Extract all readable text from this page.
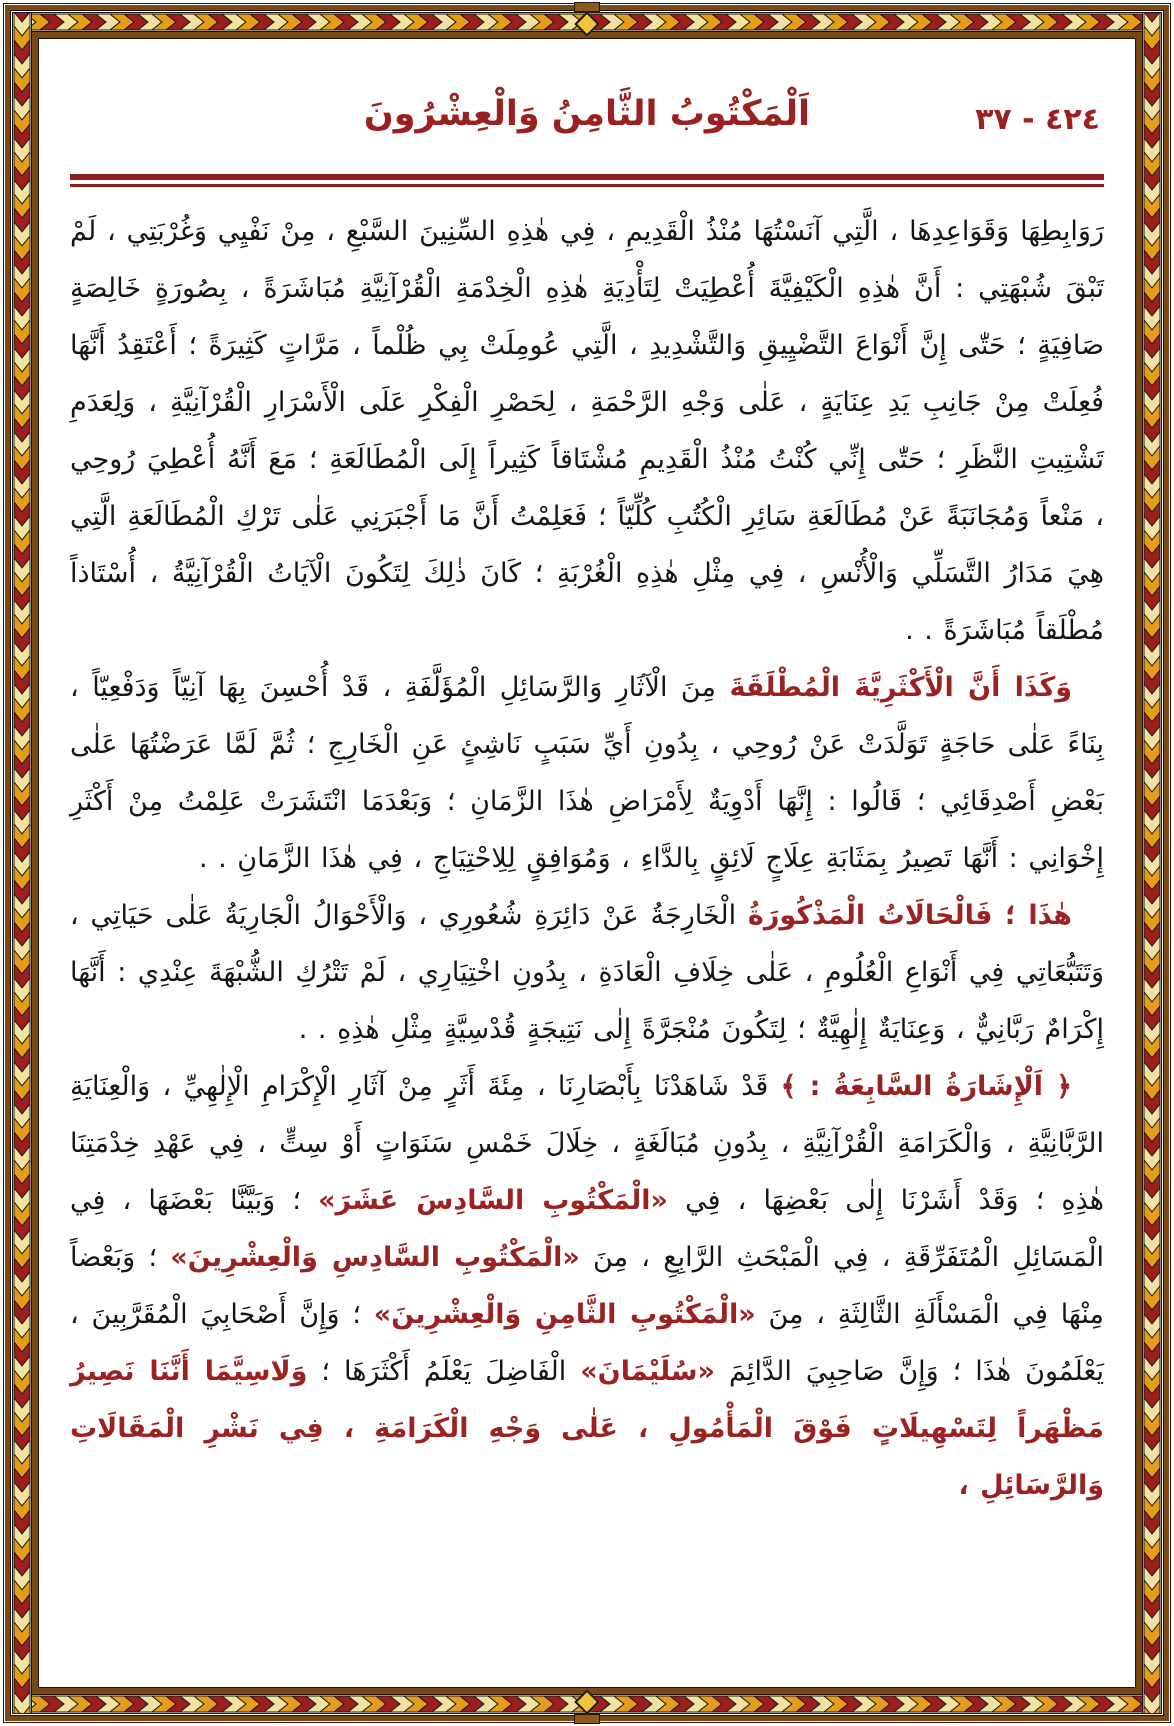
٤٢٤ - ٣٧
اَلْمَكْتُوبُ الثَّامِنُ وَالْعِشْرُونَ

رَوَابِطِهَا وَقَوَاعِدِهَا ، الَّتِي آنَسْتُهَا مُنْذُ الْقَدِيمِ ، فِي هٰذِهِ السِّنِينَ السَّبْعِ ، مِنْ نَفْيِي وَغُرْبَتِي ، لَمْ تَبْقَ شُبْهَتِي : أَنَّ هٰذِهِ الْكَيْفِيَّةَ أُعْطِيَتْ لِتَأْدِيَةِ هٰذِهِ الْخِدْمَةِ الْقُرْآنِيَّةِ مُبَاشَرَةً ، بِصُورَةٍ خَالِصَةٍ صَافِيَةٍ ؛ حَتّٰى إِنَّ أَنْوَاعَ التَّضْيِيقِ وَالتَّشْدِيدِ ، الَّتِي عُومِلَتْ بِي ظُلْماً ، مَرَّاتٍ كَثِيرَةً ؛ أَعْتَقِدُ أَنَّهَا فُعِلَتْ مِنْ جَانِبِ يَدِ عِنَايَةٍ ، عَلٰى وَجْهِ الرَّحْمَةِ ، لِحَصْرِ الْفِكْرِ عَلَى الْأَسْرَارِ الْقُرْآنِيَّةِ ، وَلِعَدَمِ تَشْتِيتِ النَّظَرِ ؛ حَتّٰى إِنِّي كُنْتُ مُنْذُ الْقَدِيمِ مُشْتَاقاً كَثِيراً إِلَى الْمُطَالَعَةِ ؛ مَعَ أَنَّهُ أُعْطِيَ رُوحِي ، مَنْعاً وَمُجَانَبَةً عَنْ مُطَالَعَةِ سَائِرِ الْكُتُبِ كُلِّيّاً ؛ فَعَلِمْتُ أَنَّ مَا أَجْبَرَنِي عَلٰى تَرْكِ الْمُطَالَعَةِ الَّتِي هِيَ مَدَارُ التَّسَلِّي وَالْأُنْسِ ، فِي مِثْلِ هٰذِهِ الْغُرْبَةِ ؛ كَانَ ذٰلِكَ لِتَكُونَ الْآيَاتُ الْقُرْآنِيَّةُ ، أُسْتَاذاً مُطْلَقاً مُبَاشَرَةً . .

وَكَذَا أَنَّ الْأَكْثَرِيَّةَ الْمُطْلَقَةَ مِنَ الْآثَارِ وَالرَّسَائِلِ الْمُؤَلَّفَةِ ، قَدْ أُحْسِنَ بِهَا آنِيّاً وَدَفْعِيّاً ، بِنَاءً عَلٰى حَاجَةٍ تَوَلَّدَتْ عَنْ رُوحِي ، بِدُونِ أَيِّ سَبَبٍ نَاشِئٍ عَنِ الْخَارِجِ ؛ ثُمَّ لَمَّا عَرَضْتُهَا عَلٰى بَعْضِ أَصْدِقَائِي ؛ قَالُوا : إِنَّهَا أَدْوِيَةٌ لِأَمْرَاضِ هٰذَا الزَّمَانِ ؛ وَبَعْدَمَا انْتَشَرَتْ عَلِمْتُ مِنْ أَكْثَرِ إِخْوَانِي : أَنَّهَا تَصِيرُ بِمَثَابَةِ عِلَاجٍ لَائِقٍ بِالدَّاءِ ، وَمُوَافِقٍ لِلِاحْتِيَاجِ ، فِي هٰذَا الزَّمَانِ . .

هٰذَا ؛ فَالْحَالَاتُ الْمَذْكُورَةُ الْخَارِجَةُ عَنْ دَائِرَةِ شُعُورِي ، وَالْأَحْوَالُ الْجَارِيَةُ عَلٰى حَيَاتِي ، وَتَتَبُّعَاتِي فِي أَنْوَاعِ الْعُلُومِ ، عَلٰى خِلَافِ الْعَادَةِ ، بِدُونِ اخْتِيَارِي ، لَمْ تَتْرُكِ الشُّبْهَةَ عِنْدِي : أَنَّهَا إِكْرَامٌ رَبَّانِيٌّ ، وَعِنَايَةٌ إِلٰهِيَّةٌ ؛ لِتَكُونَ مُنْجَرَّةً إِلٰى نَتِيجَةٍ قُدْسِيَّةٍ مِثْلِ هٰذِهِ . .

﴿ اَلْإِشَارَةُ السَّابِعَةُ : ﴾ قَدْ شَاهَدْنَا بِأَبْصَارِنَا ، مِئَةَ أَثَرٍ مِنْ آثَارِ الْإِكْرَامِ الْإِلٰهِيِّ ، وَالْعِنَايَةِ الرَّبَّانِيَّةِ ، وَالْكَرَامَةِ الْقُرْآنِيَّةِ ، بِدُونِ مُبَالَغَةٍ ، خِلَالَ خَمْسِ سَنَوَاتٍ أَوْ سِتٍّ ، فِي عَهْدِ خِدْمَتِنَا هٰذِهِ ؛ وَقَدْ أَشَرْنَا إِلٰى بَعْضِهَا ، فِي «الْمَكْتُوبِ السَّادِسَ عَشَرَ» ؛ وَبَيَّنَّا بَعْضَهَا ، فِي الْمَسَائِلِ الْمُتَفَرِّقَةِ ، فِي الْمَبْحَثِ الرَّابِعِ ، مِنَ «الْمَكْتُوبِ السَّادِسِ وَالْعِشْرِينَ» ؛ وَبَعْضاً مِنْهَا فِي الْمَسْأَلَةِ الثَّالِثَةِ ، مِنَ «الْمَكْتُوبِ الثَّامِنِ وَالْعِشْرِينَ» ؛ وَإِنَّ أَصْحَابِيَ الْمُقَرَّبِينَ ، يَعْلَمُونَ هٰذَا ؛ وَإِنَّ صَاحِبِيَ الدَّائِمَ «سُلَيْمَانَ» الْفَاضِلَ يَعْلَمُ أَكْثَرَهَا ؛ وَلَاسِيَّمَا أَنَّنَا نَصِيرُ مَظْهَراً لِتَسْهِيلَاتٍ فَوْقَ الْمَأْمُولِ ، عَلٰى وَجْهِ الْكَرَامَةِ ، فِي نَشْرِ الْمَقَالَاتِ وَالرَّسَائِلِ ،
